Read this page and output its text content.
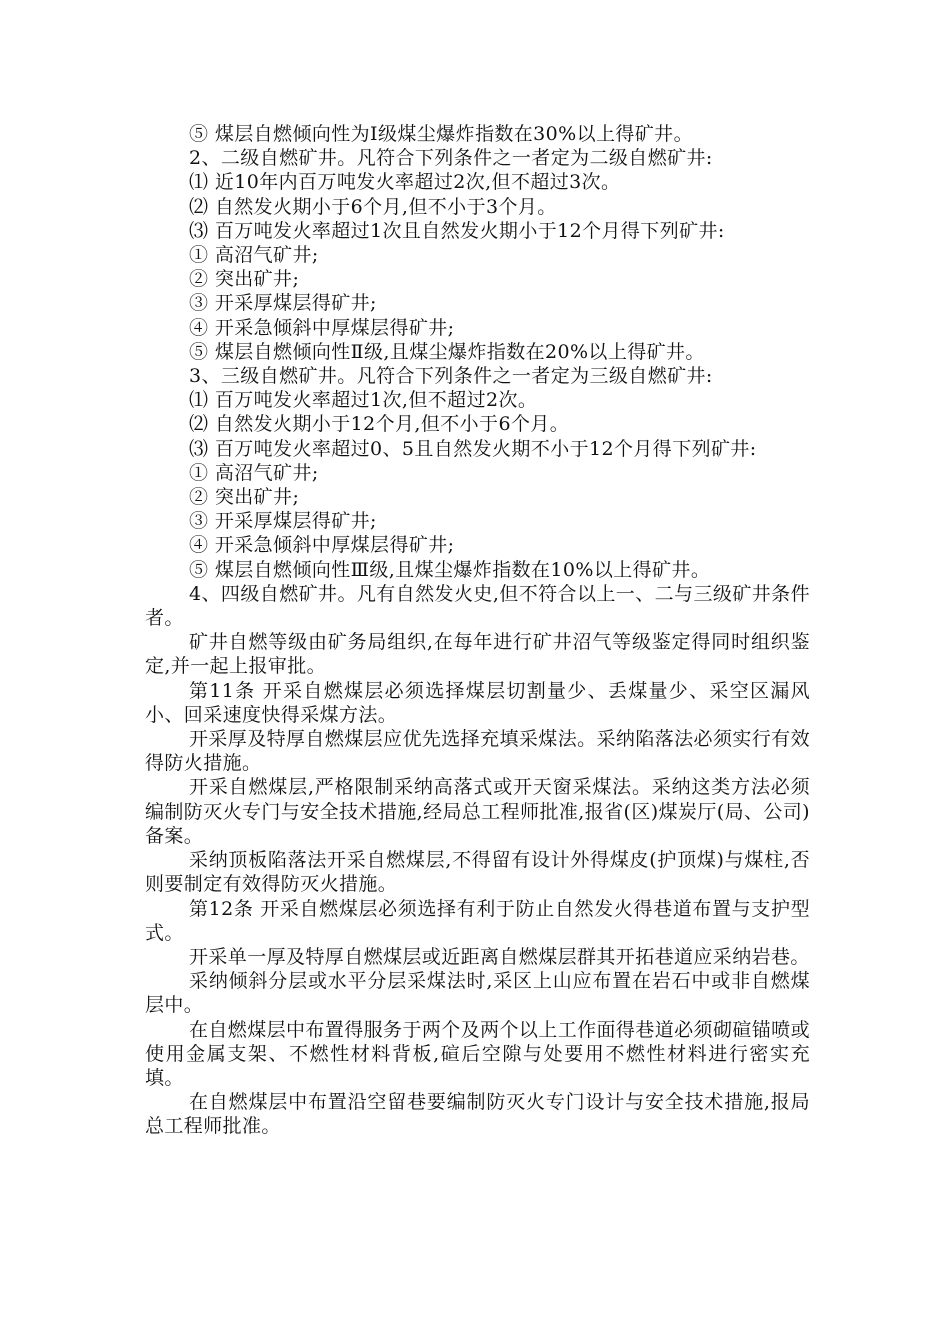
⑤ 煤层自燃倾向性为Ⅰ级煤尘爆炸指数在30%以上得矿井。

2、二级自燃矿井。凡符合下列条件之一者定为二级自燃矿井:

⑴ 近10年内百万吨发火率超过2次,但不超过3次。

⑵ 自然发火期小于6个月,但不小于3个月。

⑶ 百万吨发火率超过1次且自然发火期小于12个月得下列矿井:

① 高沼气矿井;

② 突出矿井;

③ 开采厚煤层得矿井;

④ 开采急倾斜中厚煤层得矿井;

⑤ 煤层自燃倾向性Ⅱ级,且煤尘爆炸指数在20%以上得矿井。

3、三级自燃矿井。凡符合下列条件之一者定为三级自燃矿井:

⑴ 百万吨发火率超过1次,但不超过2次。

⑵ 自然发火期小于12个月,但不小于6个月。

⑶ 百万吨发火率超过0、5且自然发火期不小于12个月得下列矿井:

① 高沼气矿井;

② 突出矿井;

③ 开采厚煤层得矿井;

④ 开采急倾斜中厚煤层得矿井;

⑤ 煤层自燃倾向性Ⅲ级,且煤尘爆炸指数在10%以上得矿井。

4、四级自燃矿井。凡有自然发火史,但不符合以上一、二与三级矿井条件者。

矿井自燃等级由矿务局组织,在每年进行矿井沼气等级鉴定得同时组织鉴定,并一起上报审批。

第11条 开采自燃煤层必须选择煤层切割量少、丢煤量少、采空区漏风小、回采速度快得采煤方法。

开采厚及特厚自燃煤层应优先选择充填采煤法。采纳陷落法必须实行有效得防火措施。

开采自燃煤层,严格限制采纳高落式或开天窗采煤法。采纳这类方法必须编制防灭火专门与安全技术措施,经局总工程师批准,报省(区)煤炭厅(局、公司)备案。

采纳顶板陷落法开采自燃煤层,不得留有设计外得煤皮(护顶煤)与煤柱,否则要制定有效得防灭火措施。

第12条 开采自燃煤层必须选择有利于防止自然发火得巷道布置与支护型式。

开采单一厚及特厚自燃煤层或近距离自燃煤层群其开拓巷道应采纳岩巷。

采纳倾斜分层或水平分层采煤法时,采区上山应布置在岩石中或非自燃煤层中。

在自燃煤层中布置得服务于两个及两个以上工作面得巷道必须砌碹锚喷或使用金属支架、不燃性材料背板,碹后空隙与处要用不燃性材料进行密实充填。

在自燃煤层中布置沿空留巷要编制防灭火专门设计与安全技术措施,报局总工程师批准。
